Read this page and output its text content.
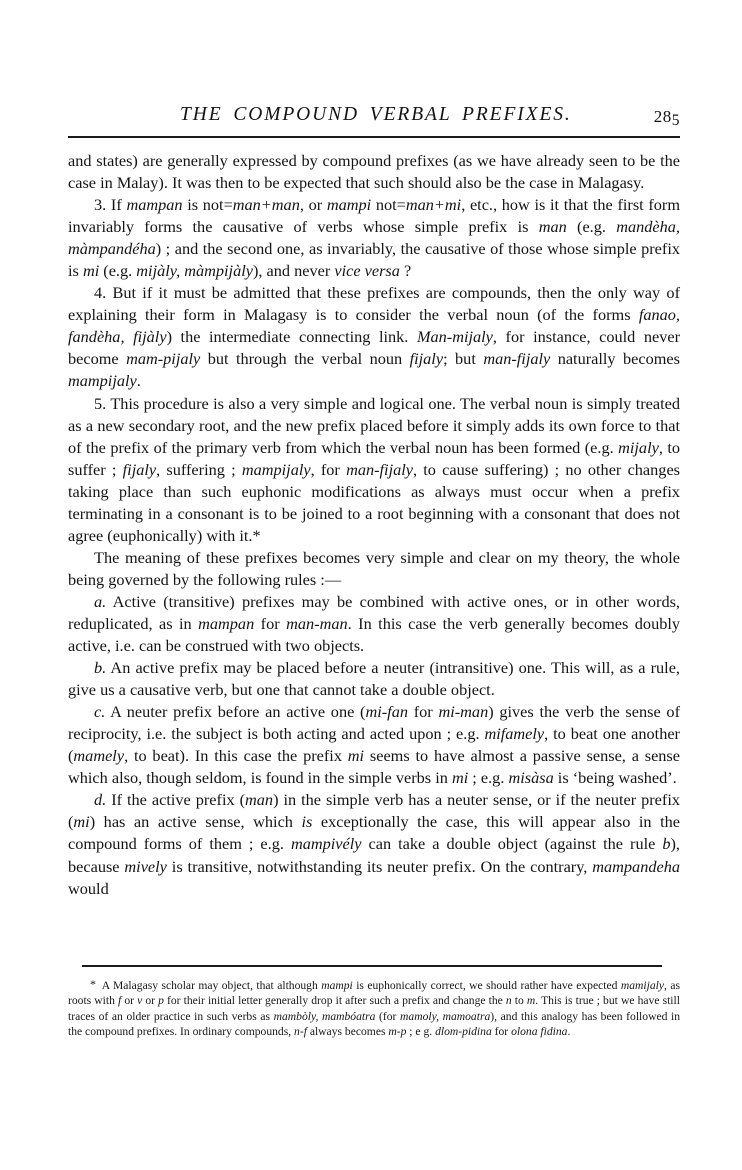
THE COMPOUND VERBAL PREFIXES.	285

and states) are generally expressed by compound prefixes (as we have already seen to be the case in Malay). It was then to be expected that such should also be the case in Malagasy.

3. If mampan is not=man+man, or mampi not=man+mi, etc., how is it that the first form invariably forms the causative of verbs whose simple prefix is man (e.g. mandèha, màmpandéha) ; and the second one, as invariably, the causative of those whose simple prefix is mi (e.g. mijàly, màmpijàly), and never vice versa ?

4. But if it must be admitted that these prefixes are compounds, then the only way of explaining their form in Malagasy is to consider the verbal noun (of the forms fanao, fandèha, fijàly) the intermediate connecting link. Man-mijaly, for instance, could never become mam-pijaly but through the verbal noun fijaly; but man-fijaly naturally becomes mampijaly.

5. This procedure is also a very simple and logical one. The verbal noun is simply treated as a new secondary root, and the new prefix placed before it simply adds its own force to that of the prefix of the primary verb from which the verbal noun has been formed (e.g. mijaly, to suffer ; fijaly, suffering ; mampijaly, for man-fijaly, to cause suffering) ; no other changes taking place than such euphonic modifications as always must occur when a prefix terminating in a consonant is to be joined to a root beginning with a consonant that does not agree (euphonically) with it.*

The meaning of these prefixes becomes very simple and clear on my theory, the whole being governed by the following rules :—

a. Active (transitive) prefixes may be combined with active ones, or in other words, reduplicated, as in mampan for man-man. In this case the verb generally becomes doubly active, i.e. can be construed with two objects.

b. An active prefix may be placed before a neuter (intransitive) one. This will, as a rule, give us a causative verb, but one that cannot take a double object.

c. A neuter prefix before an active one (mi-fan for mi-man) gives the verb the sense of reciprocity, i.e. the subject is both acting and acted upon ; e.g. mifamely, to beat one another (mamely, to beat). In this case the prefix mi seems to have almost a passive sense, a sense which also, though seldom, is found in the simple verbs in mi ; e.g. misàsa is ‘being washed’.

d. If the active prefix (man) in the simple verb has a neuter sense, or if the neuter prefix (mi) has an active sense, which is exceptionally the case, this will appear also in the compound forms of them ; e.g. mampivély can take a double object (against the rule b), because mively is transitive, notwithstanding its neuter prefix. On the contrary, mampandeha would

* A Malagasy scholar may object, that although mampi is euphonically correct, we should rather have expected mamijaly, as roots with f or v or p for their initial letter generally drop it after such a prefix and change the n to m. This is true ; but we have still traces of an older practice in such verbs as mambòly, mambóatra (for mamoly, mamoatra), and this analogy has been followed in the compound prefixes. In ordinary compounds, n-f always becomes m-p ; e g. dlom-pidina for olona fidina.
